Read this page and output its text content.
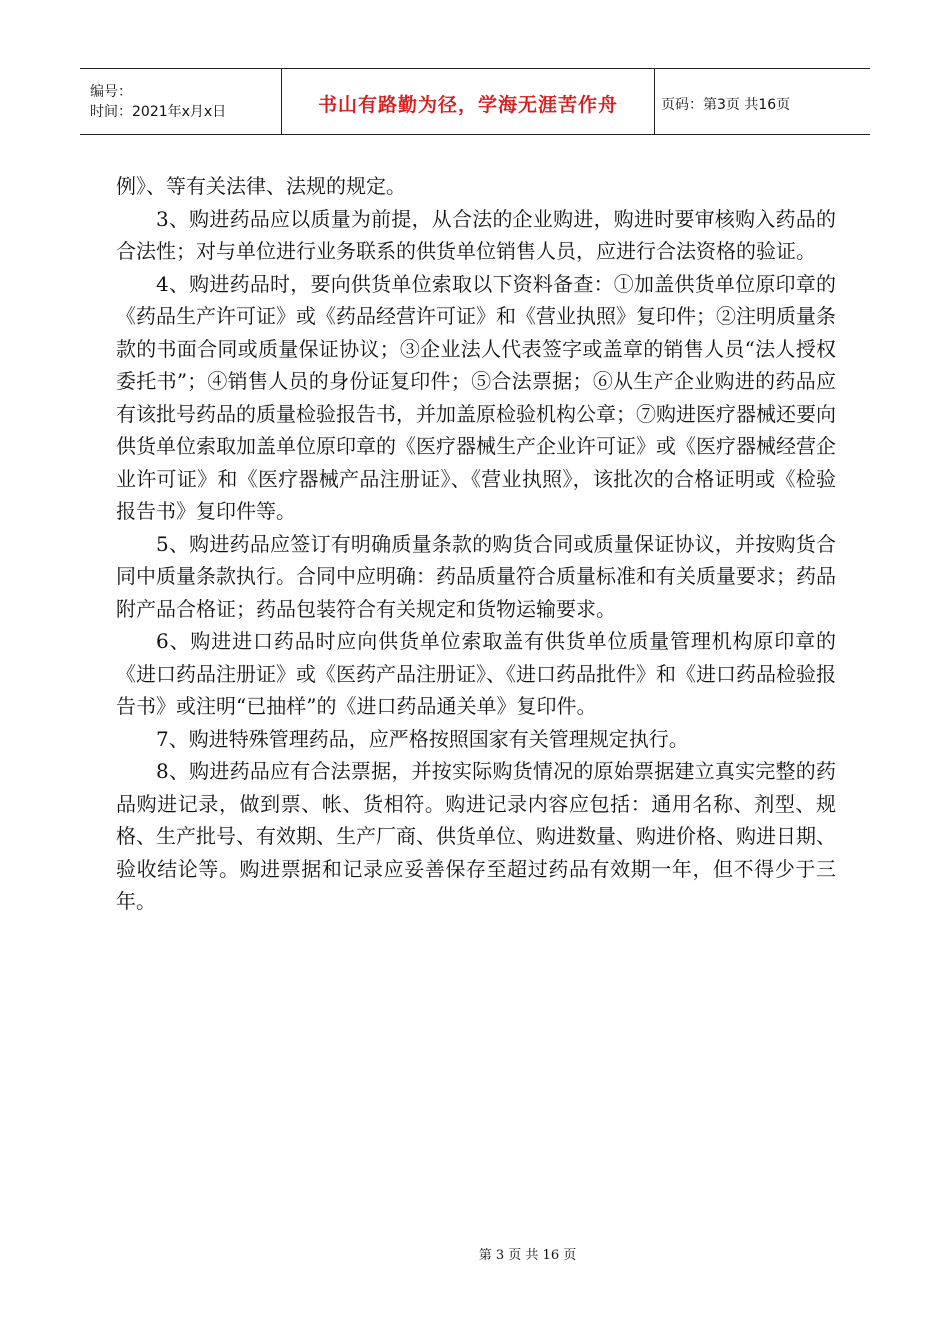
编号：
时间：2021年x月x日	书山有路勤为径，学海无涯苦作舟	页码：第3页 共16页

例》、等有关法律、法规的规定。

3、购进药品应以质量为前提，从合法的企业购进，购进时要审核购入药品的合法性；对与单位进行业务联系的供货单位销售人员，应进行合法资格的验证。

4、购进药品时，要向供货单位索取以下资料备查：①加盖供货单位原印章的《药品生产许可证》或《药品经营许可证》和《营业执照》复印件；②注明质量条款的书面合同或质量保证协议；③企业法人代表签字或盖章的销售人员“法人授权委托书”；④销售人员的身份证复印件；⑤合法票据；⑥从生产企业购进的药品应有该批号药品的质量检验报告书，并加盖原检验机构公章；⑦购进医疗器械还要向供货单位索取加盖单位原印章的《医疗器械生产企业许可证》或《医疗器械经营企业许可证》和《医疗器械产品注册证》、《营业执照》，该批次的合格证明或《检验报告书》复印件等。

5、购进药品应签订有明确质量条款的购货合同或质量保证协议，并按购货合同中质量条款执行。合同中应明确：药品质量符合质量标准和有关质量要求；药品附产品合格证；药品包装符合有关规定和货物运输要求。

6、购进进口药品时应向供货单位索取盖有供货单位质量管理机构原印章的《进口药品注册证》或《医药产品注册证》、《进口药品批件》和《进口药品检验报告书》或注明“已抽样”的《进口药品通关单》复印件。

7、购进特殊管理药品，应严格按照国家有关管理规定执行。

8、购进药品应有合法票据，并按实际购货情况的原始票据建立真实完整的药品购进记录，做到票、帐、货相符。购进记录内容应包括：通用名称、剂型、规格、生产批号、有效期、生产厂商、供货单位、购进数量、购进价格、购进日期、验收结论等。购进票据和记录应妥善保存至超过药品有效期一年，但不得少于三年。

第 3 页 共 16 页
